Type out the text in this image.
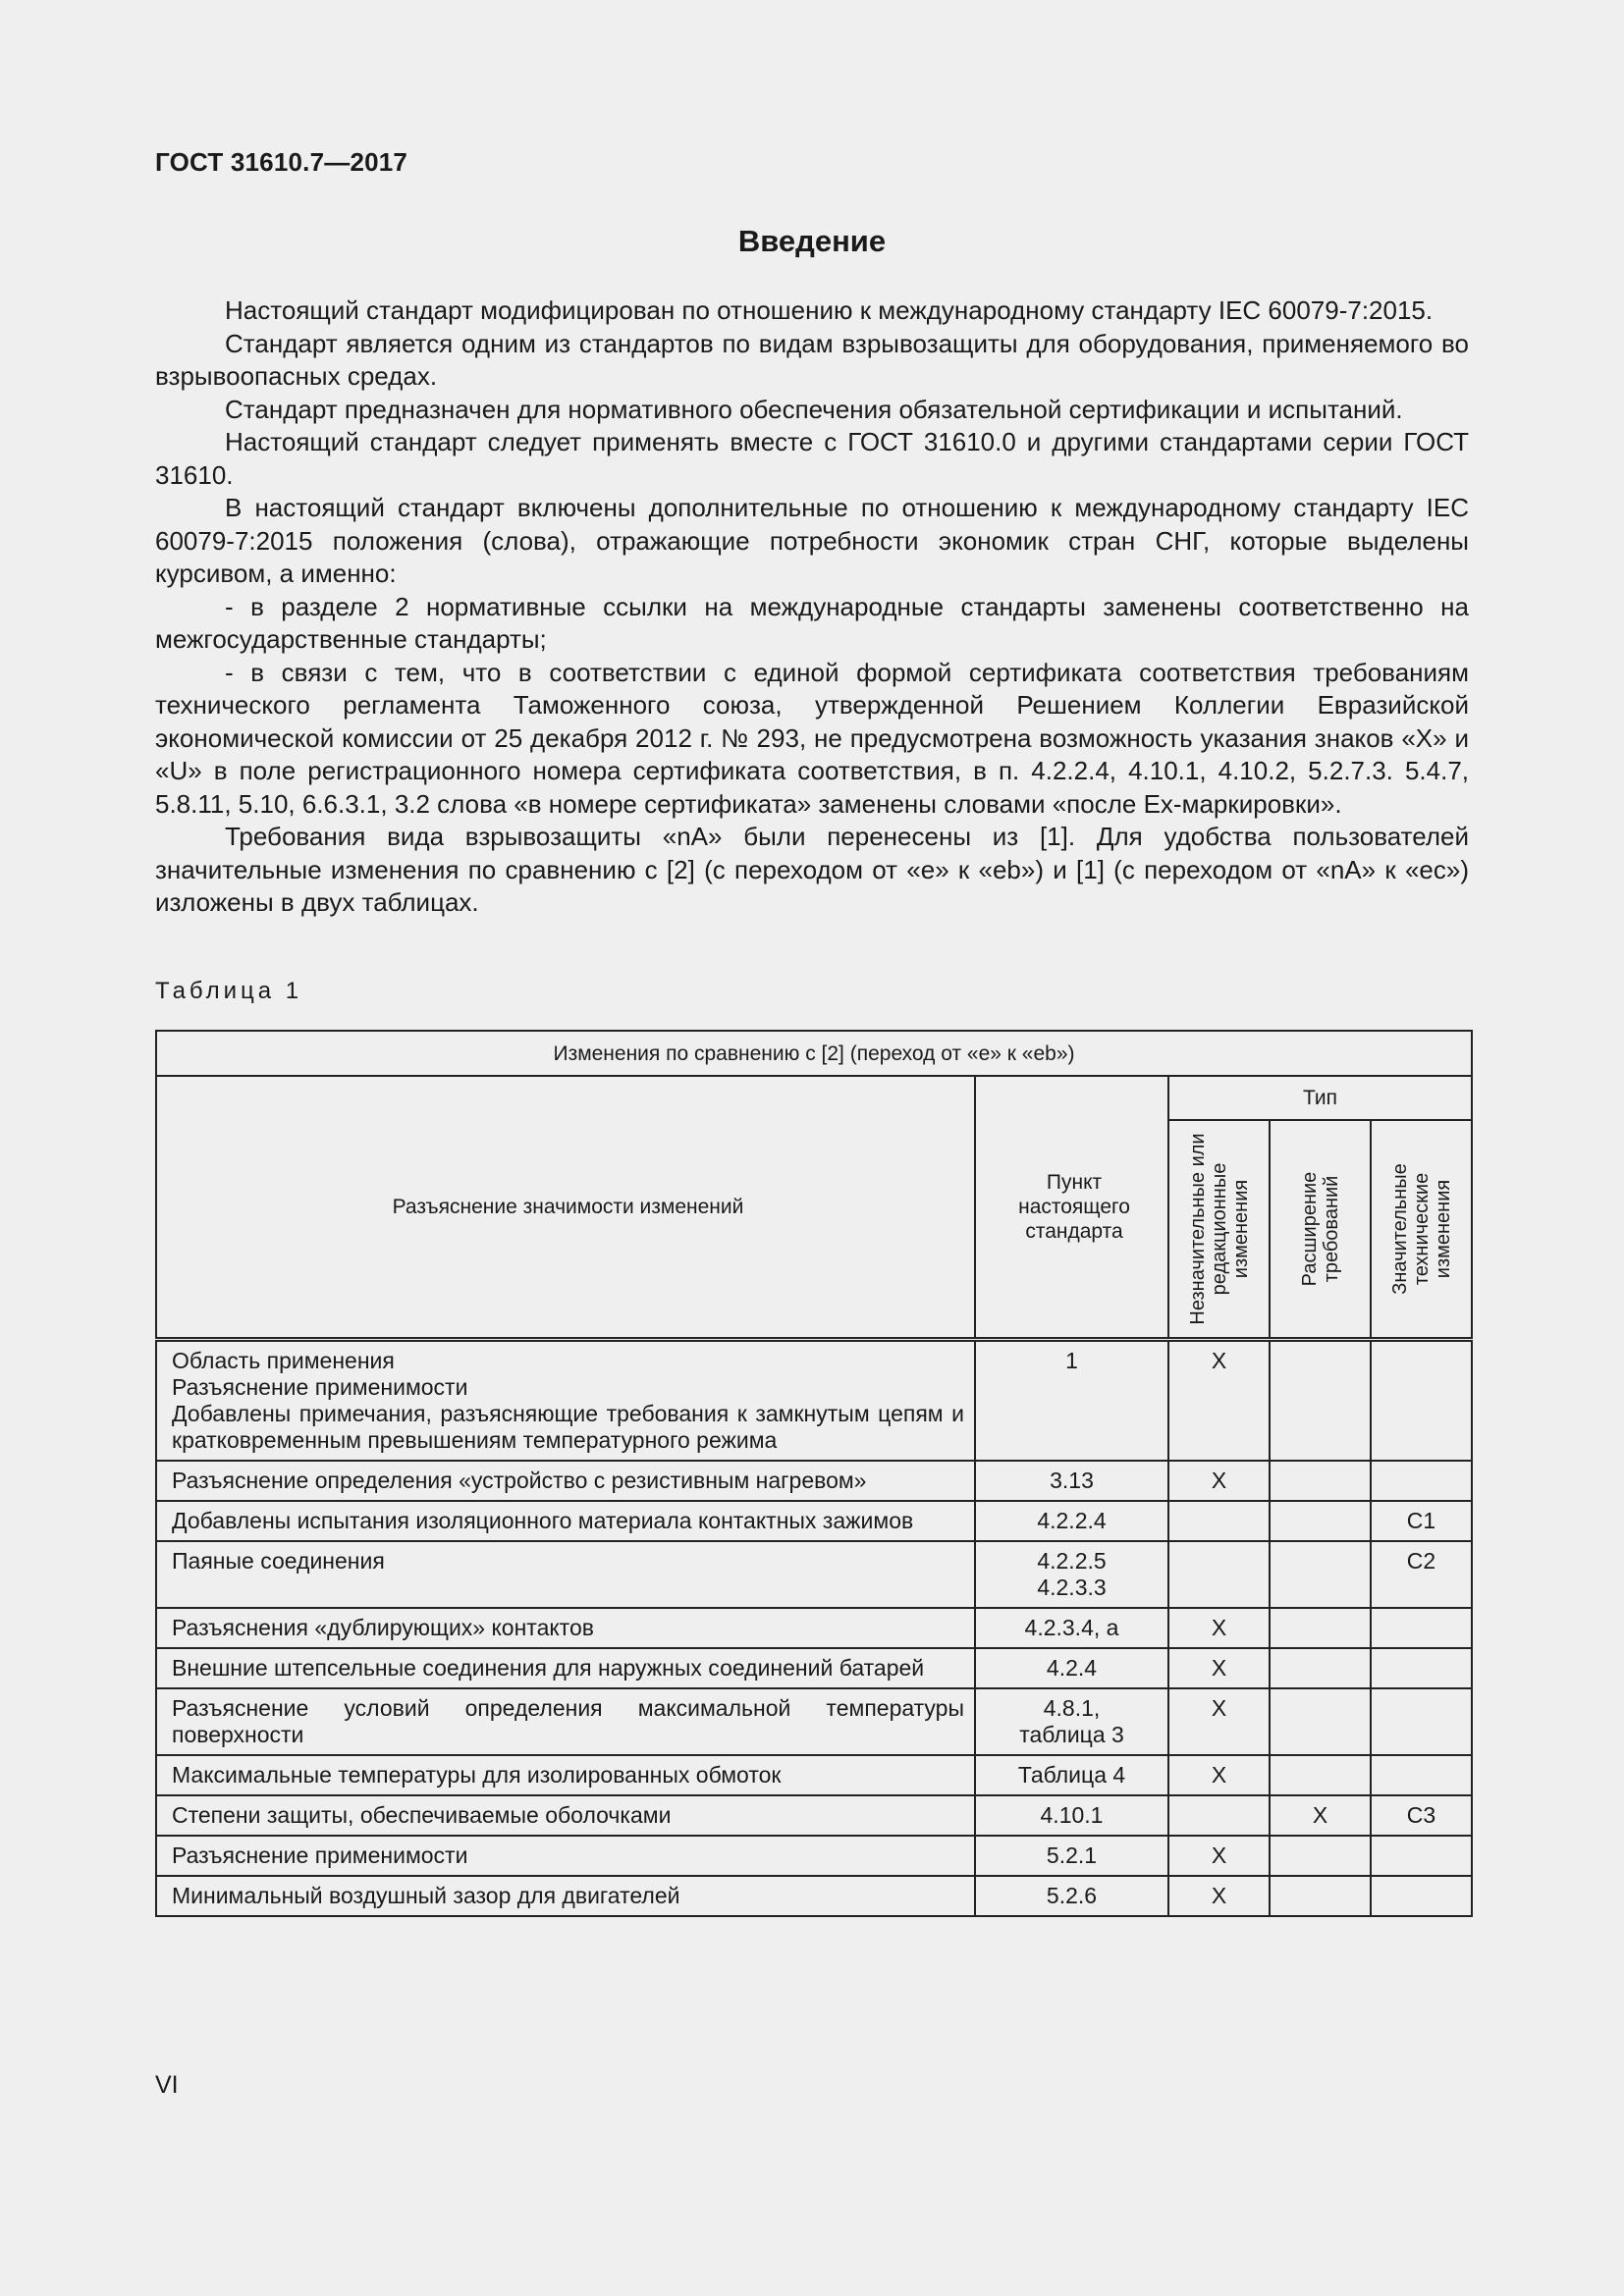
ГОСТ 31610.7—2017
Введение

Настоящий стандарт модифицирован по отношению к международному стандарту IEC 60079-7:2015.

Стандарт является одним из стандартов по видам взрывозащиты для оборудования, применяемого во взрывоопасных средах.

Стандарт предназначен для нормативного обеспечения обязательной сертификации и испытаний.

Настоящий стандарт следует применять вместе с ГОСТ 31610.0 и другими стандартами серии ГОСТ 31610.

В настоящий стандарт включены дополнительные по отношению к международному стандарту IEC 60079-7:2015 положения (слова), отражающие потребности экономик стран СНГ, которые выделены курсивом, а именно:

- в разделе 2 нормативные ссылки на международные стандарты заменены соответственно на межгосударственные стандарты;

- в связи с тем, что в соответствии с единой формой сертификата соответствия требованиям технического регламента Таможенного союза, утвержденной Решением Коллегии Евразийской экономической комиссии от 25 декабря 2012 г. № 293, не предусмотрена возможность указания знаков «X» и «U» в поле регистрационного номера сертификата соответствия, в п. 4.2.2.4, 4.10.1, 4.10.2, 5.2.7.3. 5.4.7, 5.8.11, 5.10, 6.6.3.1, 3.2 слова «в номере сертификата» заменены словами «после Ex-маркировки».

Требования вида взрывозащиты «nA» были перенесены из [1]. Для удобства пользователей значительные изменения по сравнению с [2] (с переходом от «е» к «eb») и [1] (с переходом от «nA» к «ec») изложены в двух таблицах.

Таблица 1
Изменения по сравнению с [2] (переход от «е» к «eb»)				
Разъяснение значимости изменений	Пункт настоящего стандарта	Тип		

		Незначительные или редакционные изменения	Расширение требований	Значительные технические изменения

Область применения
Разъяснение применимости
Добавлены примечания, разъясняющие требования к замкнутым цепям и кратковременным превышениям температурного режима	1	X		

Разъяснение определения «устройство с резистивным нагревом»	3.13	X		

Добавлены испытания изоляционного материала контактных зажимов	4.2.2.4			C1

Паяные соединения	4.2.2.5
4.2.3.3			C2

Разъяснения «дублирующих» контактов	4.2.3.4, а	X		

Внешние штепсельные соединения для наружных соединений батарей	4.2.4	X		

Разъяснение условий определения максимальной температуры поверхности	4.8.1,
таблица 3	X		

Максимальные температуры для изолированных обмоток	Таблица 4	X		

Степени защиты, обеспечиваемые оболочками	4.10.1		X	C3

Разъяснение применимости	5.2.1	X		

Минимальный воздушный зазор для двигателей	5.2.6	X		
VI
